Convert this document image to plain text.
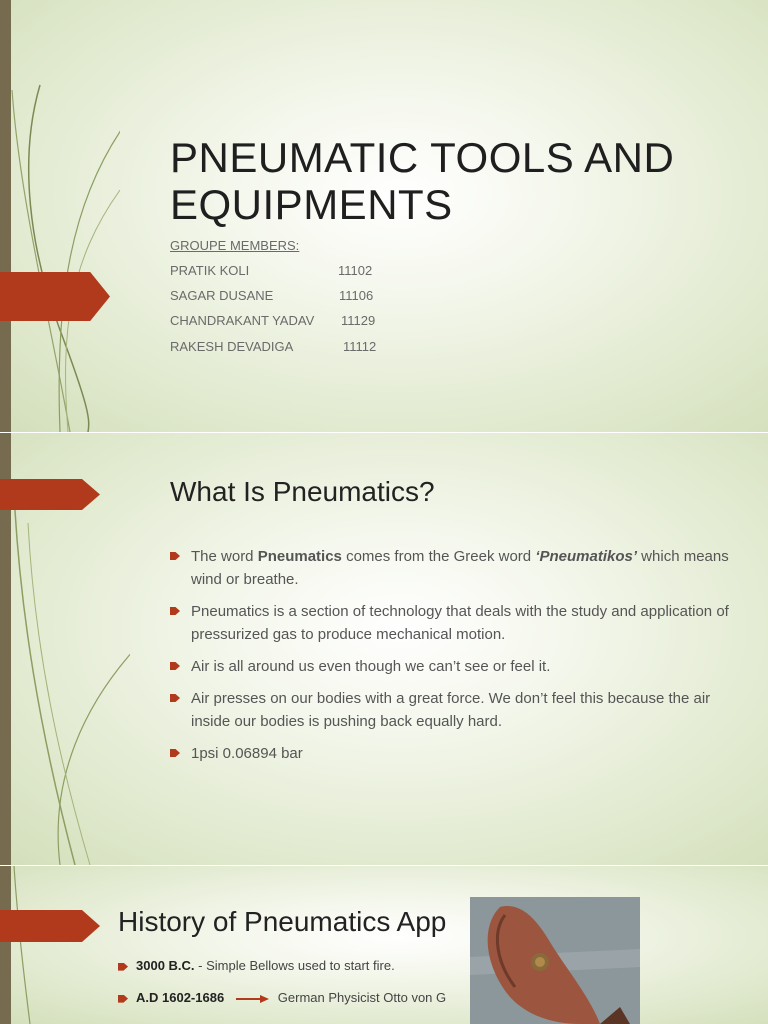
PNEUMATIC TOOLS AND EQUIPMENTS
GROUPE MEMBERS:
PRATIK KOLI	11102
SAGAR DUSANE	11106
CHANDRAKANT YADAV 11129
RAKESH DEVADIGA	11112
What Is Pneumatics?
The word Pneumatics comes from the Greek word ‘Pneumatikos’ which means wind or breathe.
Pneumatics is a section of technology that deals with the study and application of pressurized gas to produce mechanical motion.
Air is all around us even though we can’t see or feel it.
Air presses on our bodies with a great force. We don’t feel this because the air inside our bodies is pushing back equally hard.
1psi 0.06894 bar
History of Pneumatics App
3000 B.C. - Simple Bellows used to start fire.
A.D 1602-1686	German Physicist Otto von G
